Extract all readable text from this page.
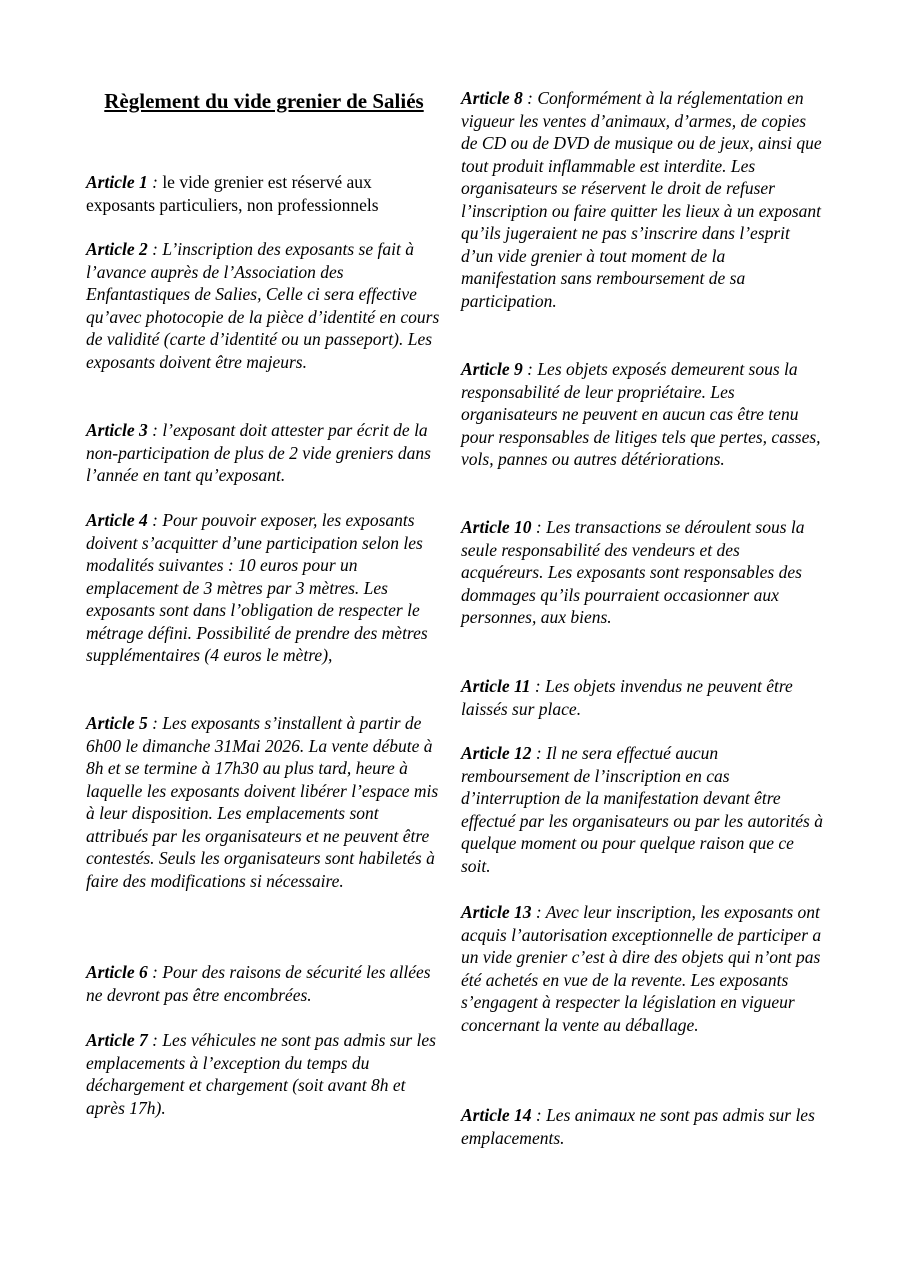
Règlement du vide grenier de Saliés

Article 1 : le vide grenier est réservé aux exposants particuliers, non professionnels

Article 2 : L’inscription des exposants se fait à l’avance auprès de l’Association des Enfantastiques de Salies, Celle ci sera effective qu’avec photocopie de la pièce d’identité en cours de validité (carte d’identité ou un passeport). Les exposants doivent être majeurs.

Article 3 : l’exposant doit attester par écrit de la non-participation de plus de 2 vide greniers dans l’année en tant qu’exposant.

Article 4 : Pour pouvoir exposer, les exposants doivent s’acquitter d’une participation selon les modalités suivantes : 10 euros pour un emplacement de 3 mètres par 3 mètres. Les exposants sont dans l’obligation de respecter le métrage défini. Possibilité de prendre des mètres supplémentaires (4 euros le mètre),

Article 5 : Les exposants s’installent à partir de 6h00 le dimanche 31Mai 2026. La vente débute à 8h et se termine à 17h30 au plus tard, heure à laquelle les exposants doivent libérer l’espace mis à leur disposition. Les emplacements sont attribués par les organisateurs et ne peuvent être contestés. Seuls les organisateurs sont habiletés à faire des modifications si nécessaire.

Article 6 : Pour des raisons de sécurité les allées ne devront pas être encombrées.

Article 7 : Les véhicules ne sont pas admis sur les emplacements à l’exception du temps du déchargement et chargement (soit avant 8h et après 17h).

Article 8 : Conformément à la réglementation en vigueur les ventes d’animaux, d’armes, de copies de CD ou de DVD de musique ou de jeux, ainsi que tout produit inflammable est interdite. Les organisateurs se réservent le droit de refuser l’inscription ou faire quitter les lieux à un exposant qu’ils jugeraient ne pas s’inscrire dans l’esprit d’un vide grenier à tout moment de la manifestation sans remboursement de sa participation.

Article 9 : Les objets exposés demeurent sous la responsabilité de leur propriétaire. Les organisateurs ne peuvent en aucun cas être tenu pour responsables de litiges tels que pertes, casses, vols, pannes ou autres détériorations.

Article 10 : Les transactions se déroulent sous la seule responsabilité des vendeurs et des acquéreurs. Les exposants sont responsables des dommages qu’ils pourraient occasionner aux personnes, aux biens.

Article 11 : Les objets invendus ne peuvent être laissés sur place.

Article 12 : Il ne sera effectué aucun remboursement de l’inscription en cas d’interruption de la manifestation devant être effectué par les organisateurs ou par les autorités à quelque moment ou pour quelque raison que ce soit.

Article 13 : Avec leur inscription, les exposants ont acquis l’autorisation exceptionnelle de participer a un vide grenier c’est à dire des objets qui n’ont pas été achetés en vue de la revente. Les exposants s’engagent à respecter la législation en vigueur concernant la vente au déballage.

Article 14 : Les animaux ne sont pas admis sur les emplacements.
